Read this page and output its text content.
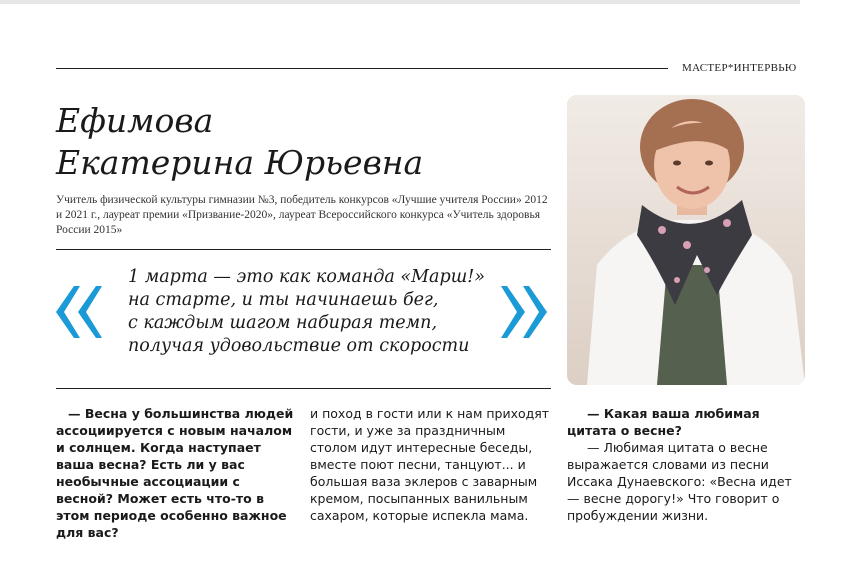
МАСТЕР*ИНТЕРВЬЮ
Ефимова
Екатерина Юрьевна

Учитель физической культуры гимназии №3, победитель конкурсов «Лучшие учителя России» 2012 и 2021 г., лауреат премии «Призвание-2020», лауреат Всероссийского конкурса «Учитель здоровья России 2015»

1 марта — это как команда «Марш!»
на старте, и ты начинаешь бег,
с каждым шагом набирая темп,
получая удовольствие от скорости
— Весна у большинства людей ассоциируется с новым началом и солнцем. Когда наступает ваша весна? Есть ли у вас необычные ассоциации с весной? Может есть что-то в этом периоде особенно важное для вас?
и поход в гости или к нам приходят гости, и уже за праздничным столом идут интересные беседы, вместе поют песни, танцуют... и большая ваза эклеров с заварным кремом, посыпанных ванильным сахаром, которые испекла мама.

— Какая ваша любимая цитата о весне?

— Любимая цитата о весне выражается словами из песни Иссака Дунаевского: «Весна идет — весне дорогу!» Что говорит о пробуждении жизни.
